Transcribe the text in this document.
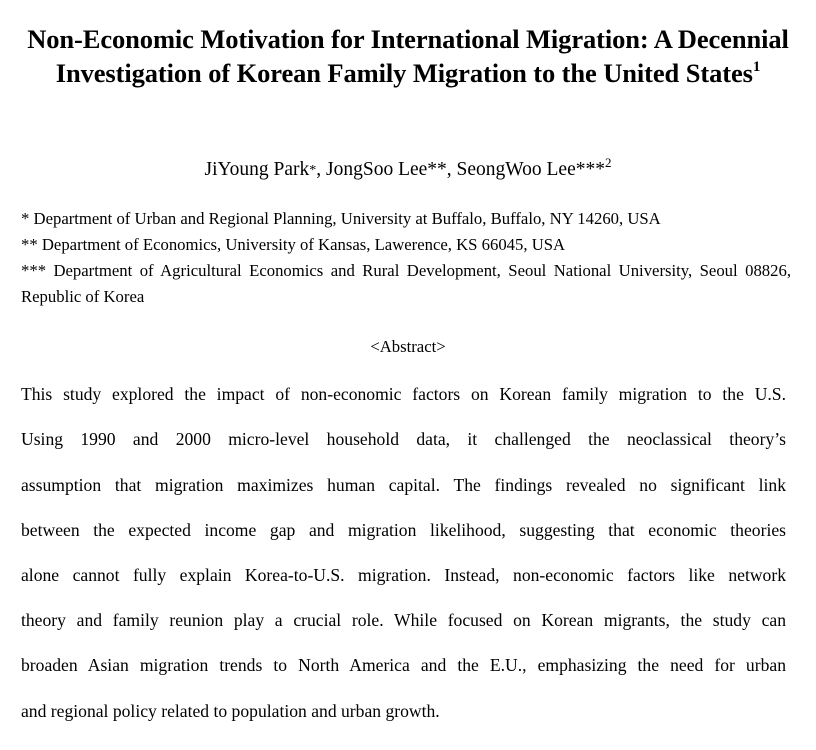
Non-Economic Motivation for International Migration: A Decennial Investigation of Korean Family Migration to the United States$^1$
JiYoung Park*, JongSoo Lee**, SeongWoo Lee***$^2$
* Department of Urban and Regional Planning, University at Buffalo, Buffalo, NY 14260, USA
** Department of Economics, University of Kansas, Lawerence, KS 66045, USA
*** Department of Agricultural Economics and Rural Development, Seoul National University, Seoul 08826, Republic of Korea
<Abstract>
This study explored the impact of non-economic factors on Korean family migration to the U.S.
Using 1990 and 2000 micro-level household data, it challenged the neoclassical theory’s
assumption that migration maximizes human capital. The findings revealed no significant link
between the expected income gap and migration likelihood, suggesting that economic theories
alone cannot fully explain Korea-to-U.S. migration. Instead, non-economic factors like network
theory and family reunion play a crucial role. While focused on Korean migrants, the study can
broaden Asian migration trends to North America and the E.U., emphasizing the need for urban
and regional policy related to population and urban growth.
